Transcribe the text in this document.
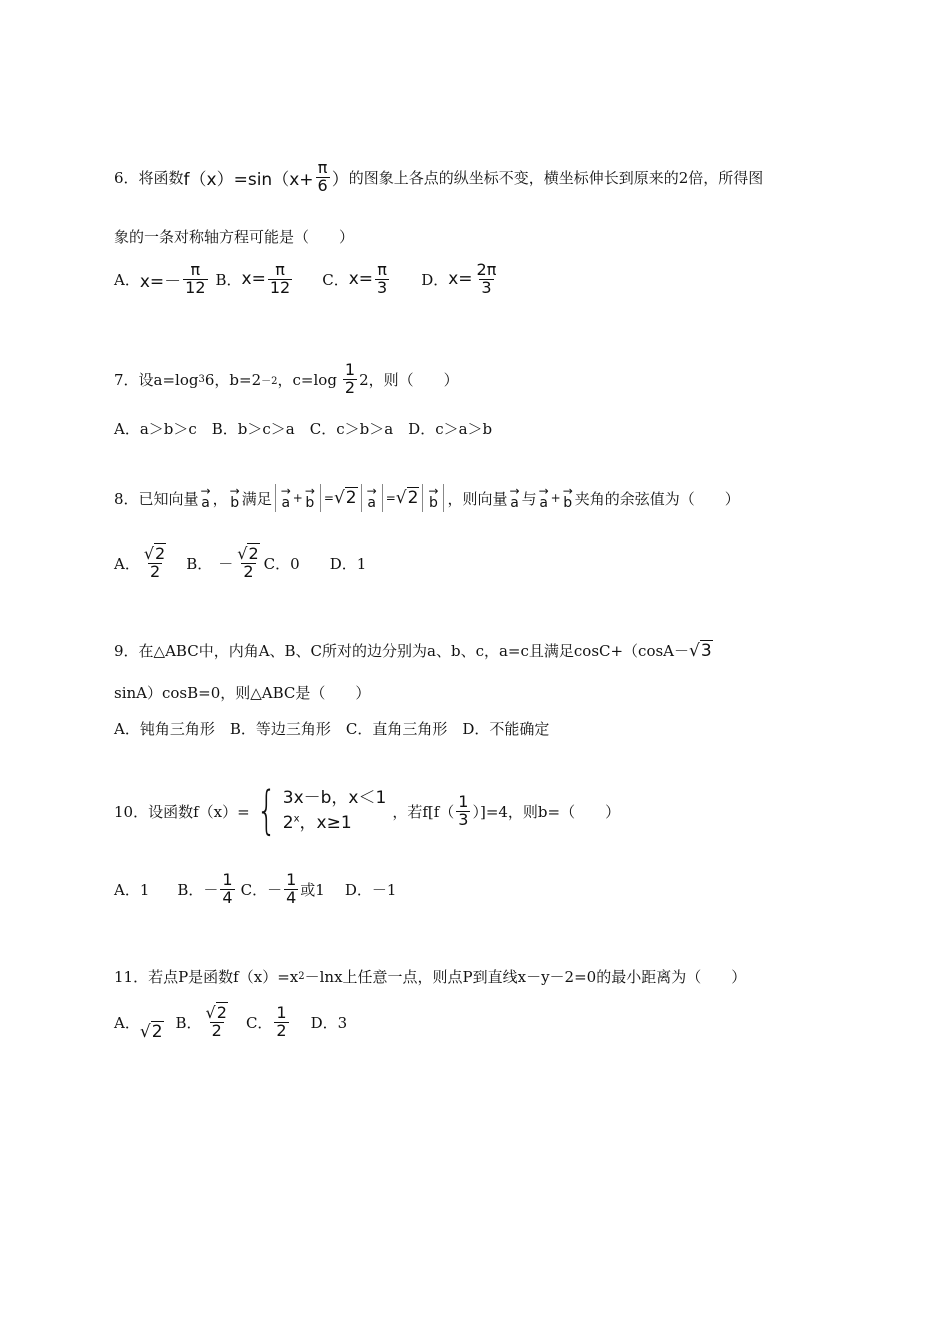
6．将函数 $f(x)=\sin(x+ \frac{\pi}{6}$ ） 的图象上各点的纵坐标不变，横坐标伸长到原来的2倍，所得图
象的一条对称轴方程可能是（　　）
A． $x=- \frac{\pi}{12}$ B． $x= \frac{\pi}{12}$ C． $x= \frac{\pi}{3}$ D． $x= \frac{2\pi}{3}$
7．设a=log 3 6，b=2 －2 ，$c=\log \frac{1}{2} 2$，则（　　）
A．a＞b＞c　B．b＞c＞a　C．c＞b＞a　D．c＞a＞b
8．已知向量 →
a ， →
b 满足 →
a + →
b = √2 →
a = √2 →
b ，则向量 →
a 与 →
a + →
b 夹角的余弦值为（　　）
A． $\frac{√2}{2}$ B． － $\frac{√2}{2}$ C．0 D．1
9．在△ABC中，内角A、B、C所对的边分别为a、b、c，a=c且满足cosC+（cosA－ √3
sinA）cosB=0，则△ABC是（　　）
A．钝角三角形　B．等边三角形　C．直角三角形　D．不能确定
10．设函数f（x）= { 3x－b，x＜1
2$^x$，x≥1
，若$f[f( \frac{1}{3} )]=4$，则b=（　　）
A．1 B．－ $\frac{1}{4}$ C．－ $\frac{1}{4}$ 或1 D．－1
11．若点P是函数f（x）=x 2 －lnx上任意一点，则点P到直线x－y－2=0的最小距离为（　　）
A． √2 B． $\frac{√2}{2}$ C． $\frac{1}{2}$ D．3
